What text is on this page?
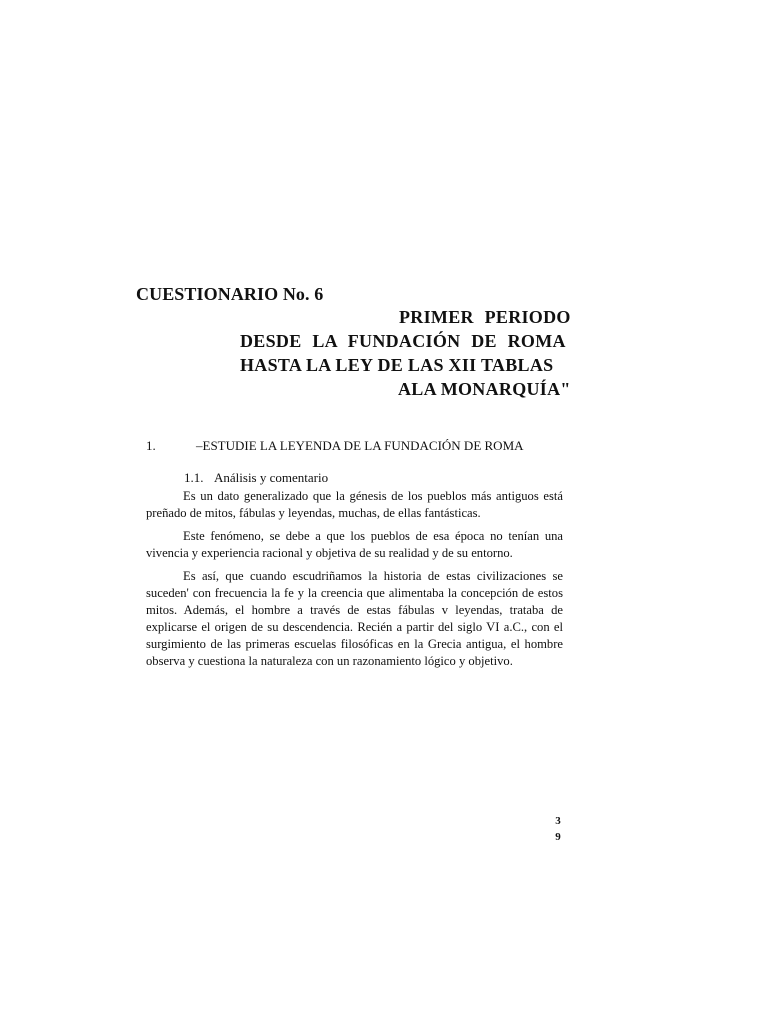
CUESTIONARIO No. 6
PRIMER PERIODO
DESDE LA FUNDACIÓN DE ROMA
HASTA LA LEY DE LAS XII TABLAS
ALA MONARQUÍA"
1.	–ESTUDIE LA LEYENDA DE LA FUNDACIÓN DE ROMA
1.1. Análisis y comentario

Es un dato generalizado que la génesis de los pueblos más antiguos está preñado de mitos, fábulas y leyendas, muchas, de ellas fantásticas.

Este fenómeno, se debe a que los pueblos de esa época no tenían una vivencia y experiencia racional y objetiva de su realidad y de su entorno.

Es así, que cuando escudriñamos la historia de estas civilizaciones se suceden' con frecuencia la fe y la creencia que alimentaba la concepción de estos mitos. Además, el hombre a través de estas fábulas v leyendas, trataba de explicarse el origen de su descendencia. Recién a partir del siglo VI a.C., con el surgimiento de las primeras escuelas filosóficas en la Grecia antigua, el hombre observa y cuestiona la naturaleza con un razonamiento lógico y objetivo.

3
9
